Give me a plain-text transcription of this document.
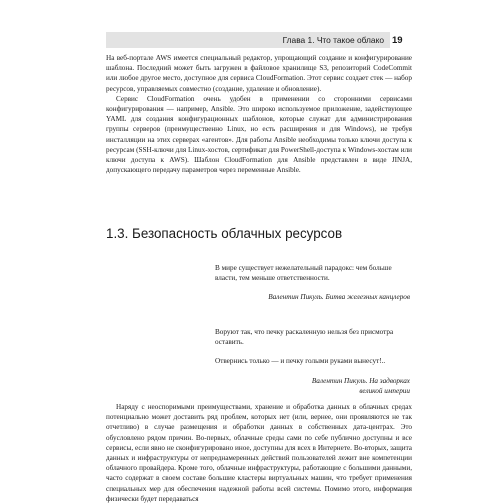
Глава 1. Что такое облако 19

На веб-портале AWS имеется специальный редактор, упрощающий создание и конфигурирование шаблона. Последний может быть загружен в файловое хранилище S3, репозиторий CodeCommit или любое другое место, доступное для сервиса CloudFormation. Этот сервис создает стек — набор ресурсов, управляемых совместно (создание, удаление и обновление).

Сервис CloudFormation очень удобен в применении со сторонними сервисами конфигурирования — например, Ansible. Это широко используемое приложение, задействующее YAML для создания конфигурационных шаблонов, которые служат для администрирования группы серверов (преимущественно Linux, но есть расширения и для Windows), не требуя инсталляции на этих серверах «агентов». Для работы Ansible необходимы только ключи доступа к ресурсам (SSH-ключи для Linux-хостов, сертификат для PowerShell-доступа к Windows-хостам или ключи доступа к AWS). Шаблон CloudFormation для Ansible представлен в виде JINJA, допускающего передачу параметров через переменные Ansible.

1.3. Безопасность облачных ресурсов

В мире существует нежелательный парадокс: чем больше власти, тем меньше ответственности.

Валентин Пикуль. Битва железных канцлеров

Воруют так, что печку раскаленную нельзя без присмотра оставить.

Отвернись только — и печку голыми руками вынесут!..

Валентин Пикуль. На задворках
великой империи

Наряду с неоспоримыми преимуществами, хранение и обработка данных в облачных средах потенциально может доставить ряд проблем, которых нет (или, вернее, они проявляются не так отчетливо) в случае размещения и обработки данных в собственных дата-центрах. Это обусловлено рядом причин. Во-первых, облачные среды сами по себе публично доступны и все сервисы, если явно не сконфигурировано иное, доступны для всех в Интернете. Во-вторых, защита данных и инфраструктуры от непреднамеренных действий пользователей лежит вне компетенции облачного провайдера. Кроме того, облачные инфраструктуры, работающие с большими данными, часто содержат в своем составе большие кластеры виртуальных машин, что требует применения специальных мер для обеспечения надежной работы всей системы. Помимо этого, информация физически будет передаваться
